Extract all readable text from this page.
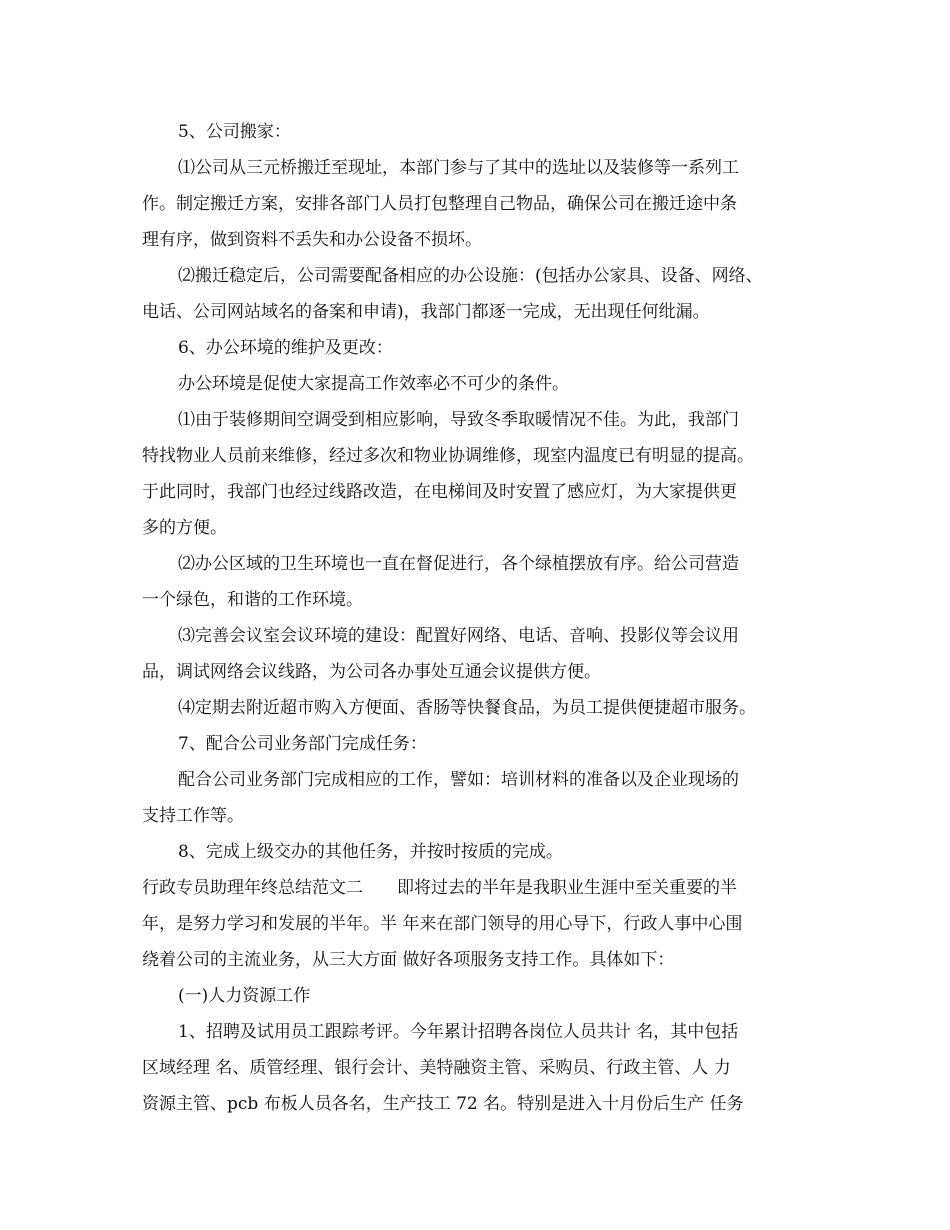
5、公司搬家：
⑴公司从三元桥搬迁至现址，本部门参与了其中的选址以及装修等一系列工
作。制定搬迁方案，安排各部门人员打包整理自己物品，确保公司在搬迁途中条
理有序，做到资料不丢失和办公设备不损坏。
⑵搬迁稳定后，公司需要配备相应的办公设施：(包括办公家具、设备、网络、
电话、公司网站域名的备案和申请)，我部门都逐一完成，无出现任何纰漏。
6、办公环境的维护及更改：
办公环境是促使大家提高工作效率必不可少的条件。
⑴由于装修期间空调受到相应影响，导致冬季取暖情况不佳。为此，我部门
特找物业人员前来维修，经过多次和物业协调维修，现室内温度已有明显的提高。
于此同时，我部门也经过线路改造，在电梯间及时安置了感应灯，为大家提供更
多的方便。
⑵办公区域的卫生环境也一直在督促进行，各个绿植摆放有序。给公司营造
一个绿色，和谐的工作环境。
⑶完善会议室会议环境的建设：配置好网络、电话、音响、投影仪等会议用
品，调试网络会议线路，为公司各办事处互通会议提供方便。
⑷定期去附近超市购入方便面、香肠等快餐食品，为员工提供便捷超市服务。
7、配合公司业务部门完成任务：
配合公司业务部门完成相应的工作，譬如：培训材料的准备以及企业现场的
支持工作等。
8、完成上级交办的其他任务，并按时按质的完成。
行政专员助理年终总结范文二　　即将过去的半年是我职业生涯中至关重要的半
年，是努力学习和发展的半年。半 年来在部门领导的用心导下，行政人事中心围
绕着公司的主流业务，从三大方面 做好各项服务支持工作。具体如下：
(一)人力资源工作
1、招聘及试用员工跟踪考评。今年累计招聘各岗位人员共计 名，其中包括
区域经理 名、质管经理、银行会计、美特融资主管、采购员、行政主管、人 力
资源主管、pcb 布板人员各名，生产技工 72 名。特别是进入十月份后生产 任务
